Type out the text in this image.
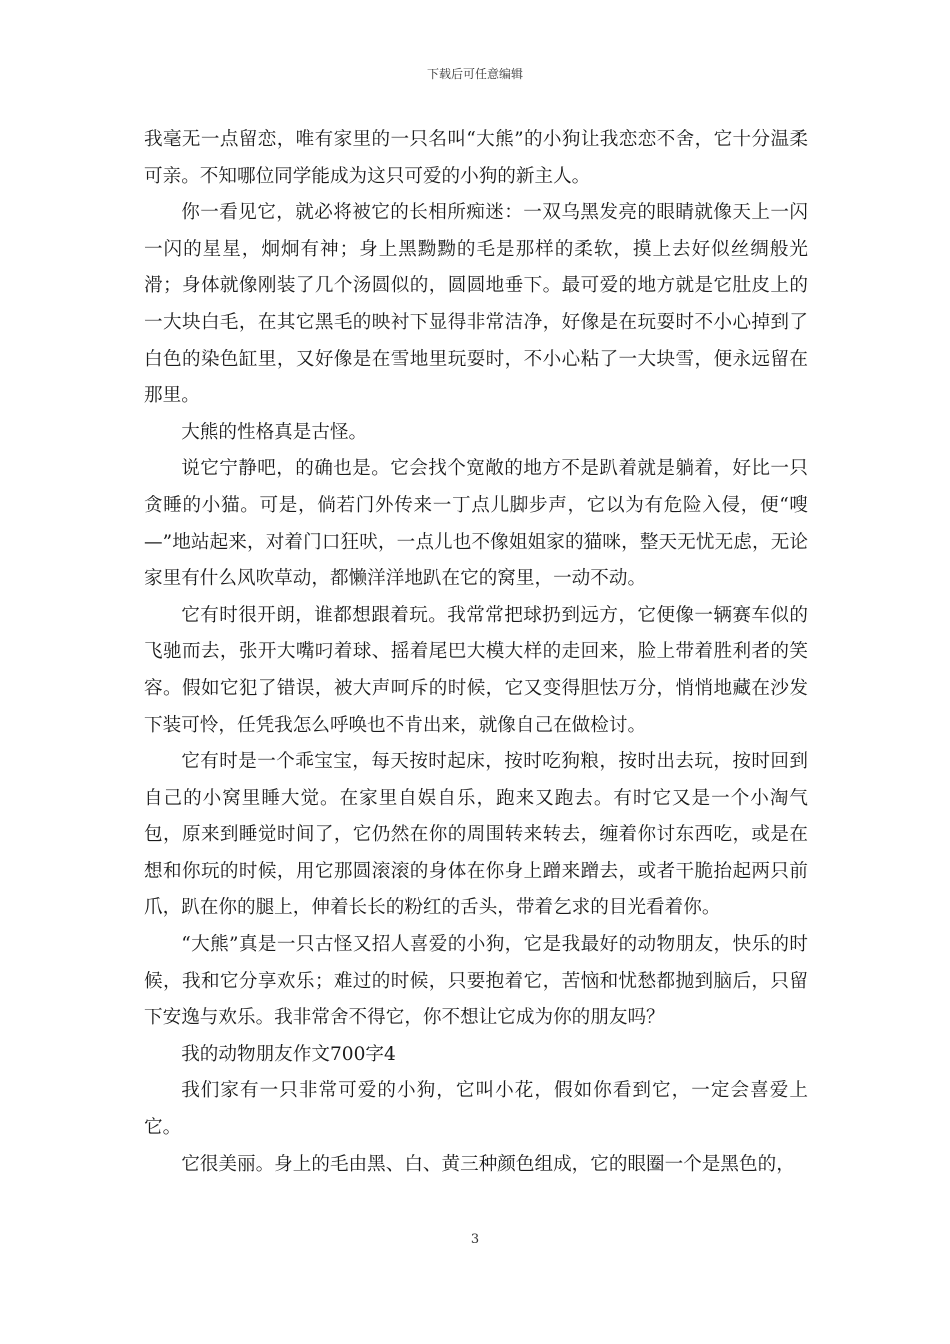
下载后可任意编辑

我毫无一点留恋，唯有家里的一只名叫“大熊”的小狗让我恋恋不舍，它十分温柔可亲。不知哪位同学能成为这只可爱的小狗的新主人。

你一看见它，就必将被它的长相所痴迷：一双乌黑发亮的眼睛就像天上一闪一闪的星星，炯炯有神；身上黑黝黝的毛是那样的柔软，摸上去好似丝绸般光滑；身体就像刚装了几个汤圆似的，圆圆地垂下。最可爱的地方就是它肚皮上的一大块白毛，在其它黑毛的映衬下显得非常洁净，好像是在玩耍时不小心掉到了白色的染色缸里，又好像是在雪地里玩耍时，不小心粘了一大块雪，便永远留在那里。

大熊的性格真是古怪。

说它宁静吧，的确也是。它会找个宽敞的地方不是趴着就是躺着，好比一只贪睡的小猫。可是，倘若门外传来一丁点儿脚步声，它以为有危险入侵，便“嗖—”地站起来，对着门口狂吠，一点儿也不像姐姐家的猫咪，整天无忧无虑，无论家里有什么风吹草动，都懒洋洋地趴在它的窝里，一动不动。

它有时很开朗，谁都想跟着玩。我常常把球扔到远方，它便像一辆赛车似的飞驰而去，张开大嘴叼着球、摇着尾巴大模大样的走回来，脸上带着胜利者的笑容。假如它犯了错误，被大声呵斥的时候，它又变得胆怯万分，悄悄地藏在沙发下装可怜，任凭我怎么呼唤也不肯出来，就像自己在做检讨。

它有时是一个乖宝宝，每天按时起床，按时吃狗粮，按时出去玩，按时回到自己的小窝里睡大觉。在家里自娱自乐，跑来又跑去。有时它又是一个小淘气包，原来到睡觉时间了，它仍然在你的周围转来转去，缠着你讨东西吃，或是在想和你玩的时候，用它那圆滚滚的身体在你身上蹭来蹭去，或者干脆抬起两只前爪，趴在你的腿上，伸着长长的粉红的舌头，带着乞求的目光看着你。

“大熊”真是一只古怪又招人喜爱的小狗，它是我最好的动物朋友，快乐的时候，我和它分享欢乐；难过的时候，只要抱着它，苦恼和忧愁都抛到脑后，只留下安逸与欢乐。我非常舍不得它，你不想让它成为你的朋友吗？

我的动物朋友作文700字4

我们家有一只非常可爱的小狗，它叫小花，假如你看到它，一定会喜爱上它。

它很美丽。身上的毛由黑、白、黄三种颜色组成，它的眼圈一个是黑色的，

3
